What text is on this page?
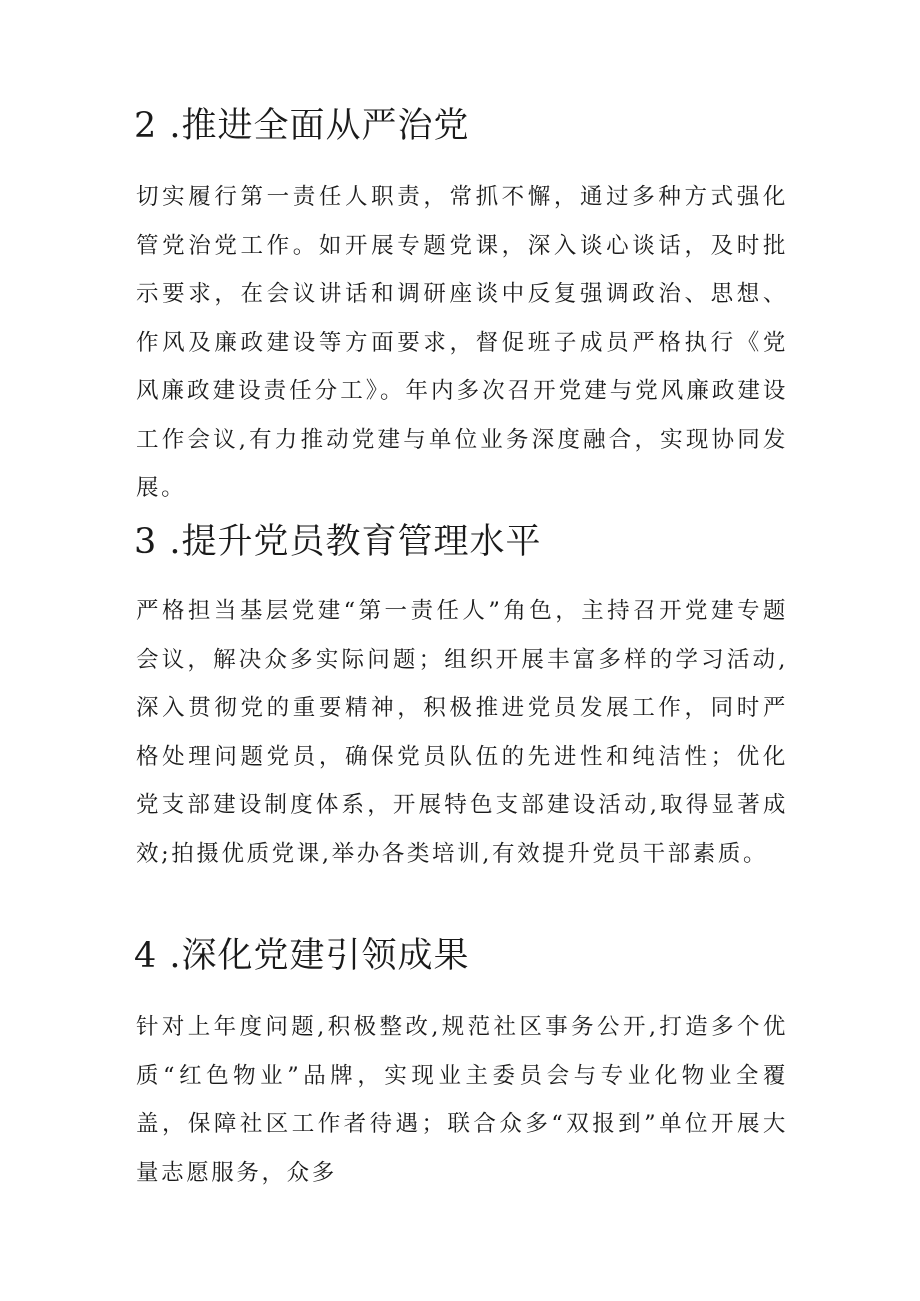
2 .推进全面从严治党

切实履行第一责任人职责，常抓不懈，通过多种方式强化管党治党工作。如开展专题党课，深入谈心谈话，及时批示要求，在会议讲话和调研座谈中反复强调政治、思想、作风及廉政建设等方面要求，督促班子成员严格执行《党风廉政建设责任分工》。年内多次召开党建与党风廉政建设工作会议,有力推动党建与单位业务深度融合，实现协同发展。

3 .提升党员教育管理水平

严格担当基层党建“第一责任人”角色，主持召开党建专题会议，解决众多实际问题；组织开展丰富多样的学习活动,深入贯彻党的重要精神，积极推进党员发展工作，同时严格处理问题党员，确保党员队伍的先进性和纯洁性；优化党支部建设制度体系，开展特色支部建设活动,取得显著成效;拍摄优质党课,举办各类培训,有效提升党员干部素质。

4 .深化党建引领成果

针对上年度问题,积极整改,规范社区事务公开,打造多个优质“红色物业”品牌，实现业主委员会与专业化物业全覆盖，保障社区工作者待遇；联合众多“双报到”单位开展大量志愿服务，众多
